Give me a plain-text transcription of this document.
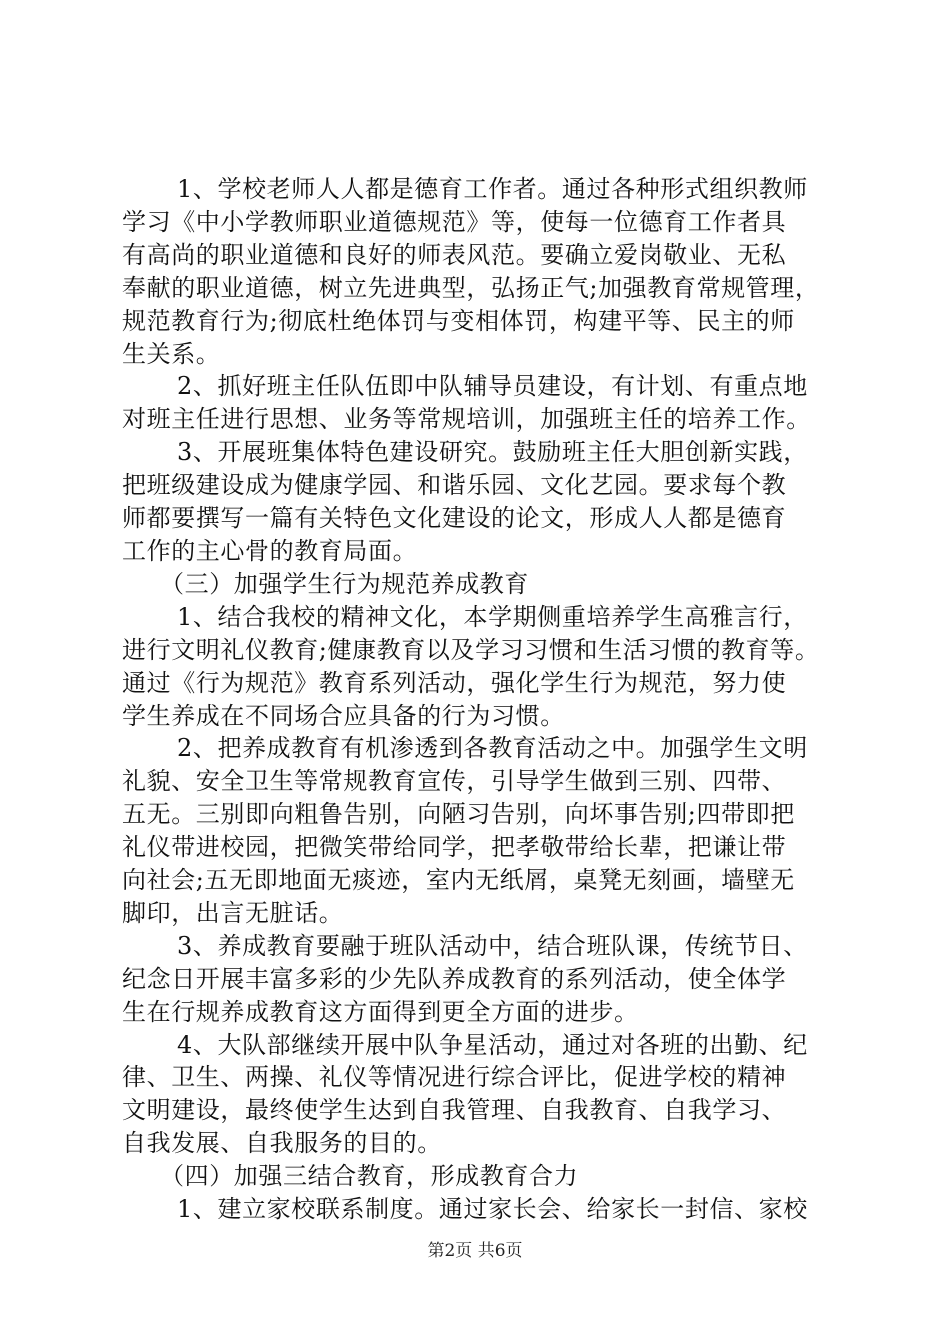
第2页 共6页
1、学校老师人人都是德育工作者。通过各种形式组织教师
学习《中小学教师职业道德规范》等，使每一位德育工作者具
有高尚的职业道德和良好的师表风范。要确立爱岗敬业、无私
奉献的职业道德，树立先进典型，弘扬正气;加强教育常规管理，
规范教育行为;彻底杜绝体罚与变相体罚，构建平等、民主的师
生关系。
2、抓好班主任队伍即中队辅导员建设，有计划、有重点地
对班主任进行思想、业务等常规培训，加强班主任的培养工作。
3、开展班集体特色建设研究。鼓励班主任大胆创新实践，
把班级建设成为健康学园、和谐乐园、文化艺园。要求每个教
师都要撰写一篇有关特色文化建设的论文，形成人人都是德育
工作的主心骨的教育局面。
（三）加强学生行为规范养成教育
1、结合我校的精神文化，本学期侧重培养学生高雅言行，
进行文明礼仪教育;健康教育以及学习习惯和生活习惯的教育等。
通过《行为规范》教育系列活动，强化学生行为规范，努力使
学生养成在不同场合应具备的行为习惯。
2、把养成教育有机渗透到各教育活动之中。加强学生文明
礼貌、安全卫生等常规教育宣传，引导学生做到三别、四带、
五无。三别即向粗鲁告别，向陋习告别，向坏事告别;四带即把
礼仪带进校园，把微笑带给同学，把孝敬带给长辈，把谦让带
向社会;五无即地面无痰迹，室内无纸屑，桌凳无刻画，墙壁无
脚印，出言无脏话。
3、养成教育要融于班队活动中，结合班队课，传统节日、
纪念日开展丰富多彩的少先队养成教育的系列活动，使全体学
生在行规养成教育这方面得到更全方面的进步。
4、大队部继续开展中队争星活动，通过对各班的出勤、纪
律、卫生、两操、礼仪等情况进行综合评比，促进学校的精神
文明建设，最终使学生达到自我管理、自我教育、自我学习、
自我发展、自我服务的目的。
（四）加强三结合教育，形成教育合力
1、建立家校联系制度。通过家长会、给家长一封信、家校
